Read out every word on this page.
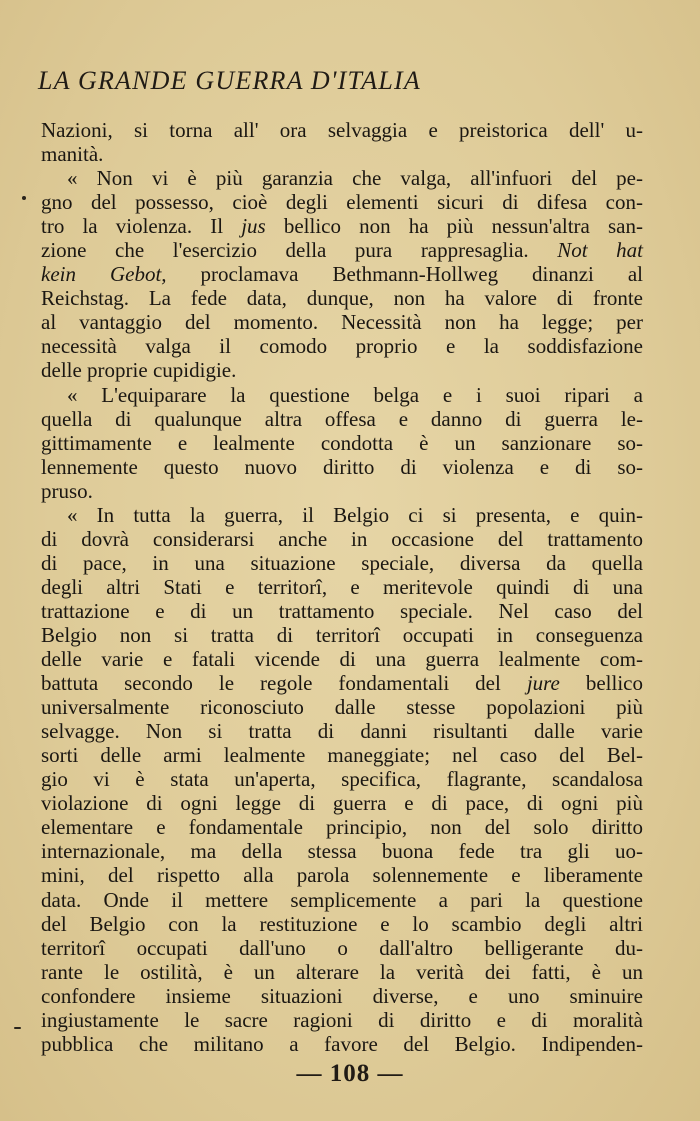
LA GRANDE GUERRA D'ITALIA
Nazioni, si torna all' ora selvaggia e preistorica dell' u-
manità.
« Non vi è più garanzia che valga, all'infuori del pe-
gno del possesso, cioè degli elementi sicuri di difesa con-
tro la violenza. Il jus bellico non ha più nessun'altra san-
zione che l'esercizio della pura rappresaglia. Not hat
kein Gebot, proclamava Bethmann-Hollweg dinanzi al
Reichstag. La fede data, dunque, non ha valore di fronte
al vantaggio del momento. Necessità non ha legge; per
necessità valga il comodo proprio e la soddisfazione
delle proprie cupidigie.
« L'equiparare la questione belga e i suoi ripari a
quella di qualunque altra offesa e danno di guerra le-
gittimamente e lealmente condotta è un sanzionare so-
lennemente questo nuovo diritto di violenza e di so-
pruso.
« In tutta la guerra, il Belgio ci si presenta, e quin-
di dovrà considerarsi anche in occasione del trattamento
di pace, in una situazione speciale, diversa da quella
degli altri Stati e territorî, e meritevole quindi di una
trattazione e di un trattamento speciale. Nel caso del
Belgio non si tratta di territorî occupati in conseguenza
delle varie e fatali vicende di una guerra lealmente com-
battuta secondo le regole fondamentali del jure bellico
universalmente riconosciuto dalle stesse popolazioni più
selvagge. Non si tratta di danni risultanti dalle varie
sorti delle armi lealmente maneggiate; nel caso del Bel-
gio vi è stata un'aperta, specifica, flagrante, scandalosa
violazione di ogni legge di guerra e di pace, di ogni più
elementare e fondamentale principio, non del solo diritto
internazionale, ma della stessa buona fede tra gli uo-
mini, del rispetto alla parola solennemente e liberamente
data. Onde il mettere semplicemente a pari la questione
del Belgio con la restituzione e lo scambio degli altri
territorî occupati dall'uno o dall'altro belligerante du-
rante le ostilità, è un alterare la verità dei fatti, è un
confondere insieme situazioni diverse, e uno sminuire
ingiustamente le sacre ragioni di diritto e di moralità
pubblica che militano a favore del Belgio. Indipenden-
— 108 —
